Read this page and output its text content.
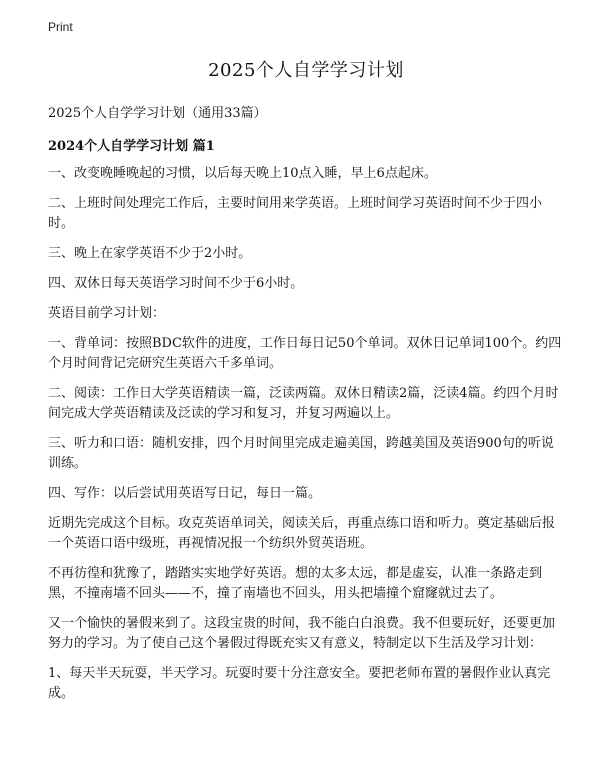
Print
2025个人自学学习计划
2025个人自学学习计划（通用33篇）
2024个人自学学习计划 篇1

一、改变晚睡晚起的习惯，以后每天晚上10点入睡，早上6点起床。

二、上班时间处理完工作后，主要时间用来学英语。上班时间学习英语时间不少于四小时。

三、晚上在家学英语不少于2小时。

四、双休日每天英语学习时间不少于6小时。

英语目前学习计划：

一、背单词：按照BDC软件的进度，工作日每日记50个单词。双休日记单词100个。约四个月时间背记完研究生英语六千多单词。

二、阅读：工作日大学英语精读一篇，泛读两篇。双休日精读2篇，泛读4篇。约四个月时间完成大学英语精读及泛读的学习和复习，并复习两遍以上。

三、听力和口语：随机安排，四个月时间里完成走遍美国，跨越美国及英语900句的听说训练。

四、写作：以后尝试用英语写日记，每日一篇。

近期先完成这个目标。攻克英语单词关，阅读关后，再重点练口语和听力。奠定基础后报一个英语口语中级班，再视情况报一个纺织外贸英语班。

不再彷徨和犹豫了，踏踏实实地学好英语。想的太多太远，都是虚妄，认准一条路走到黑，不撞南墙不回头——不，撞了南墙也不回头，用头把墙撞个窟窿就过去了。

又一个愉快的暑假来到了。这段宝贵的时间，我不能白白浪费。我不但要玩好，还要更加努力的学习。为了使自己这个暑假过得既充实又有意义，特制定以下生活及学习计划：

1、每天半天玩耍，半天学习。玩耍时要十分注意安全。要把老师布置的暑假作业认真完成。
